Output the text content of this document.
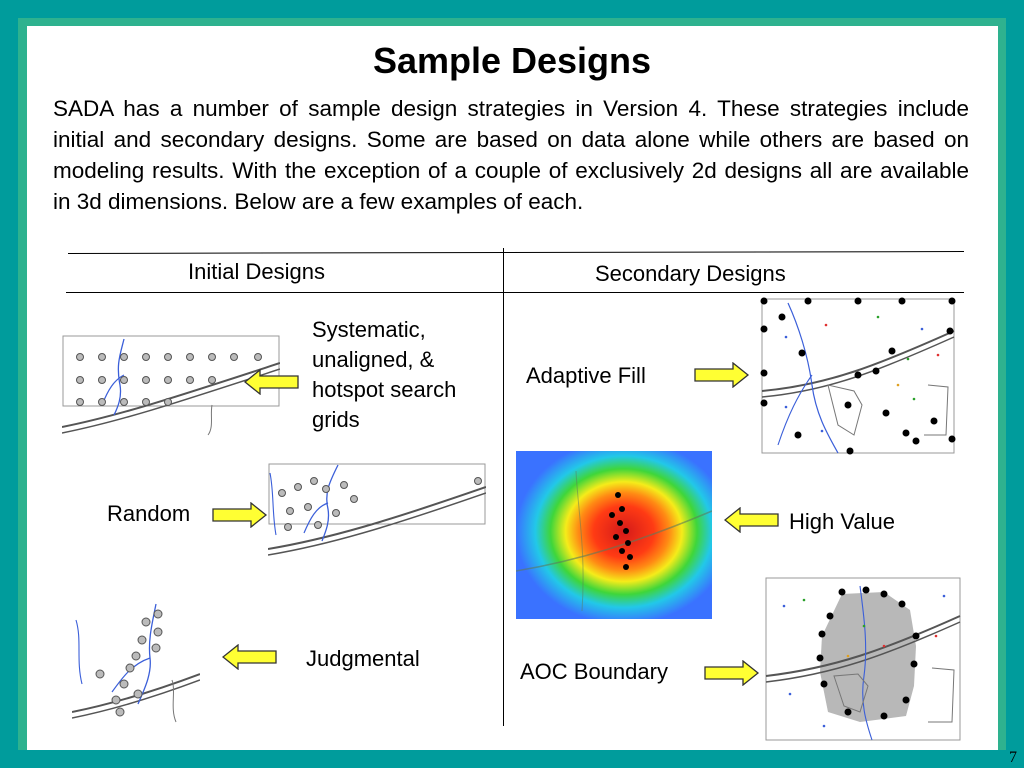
Sample Designs
SADA has a number of sample design strategies in Version 4. These strategies include initial and secondary designs. Some are based on data alone while others are based on modeling results. With the exception of a couple of exclusively 2d designs all are available in 3d dimensions. Below are a few examples of each.
Initial Designs	Secondary Designs
Systematic,
unaligned, &
hotspot search
grids
Random
Judgmental
Adaptive Fill
High Value
AOC Boundary
7
